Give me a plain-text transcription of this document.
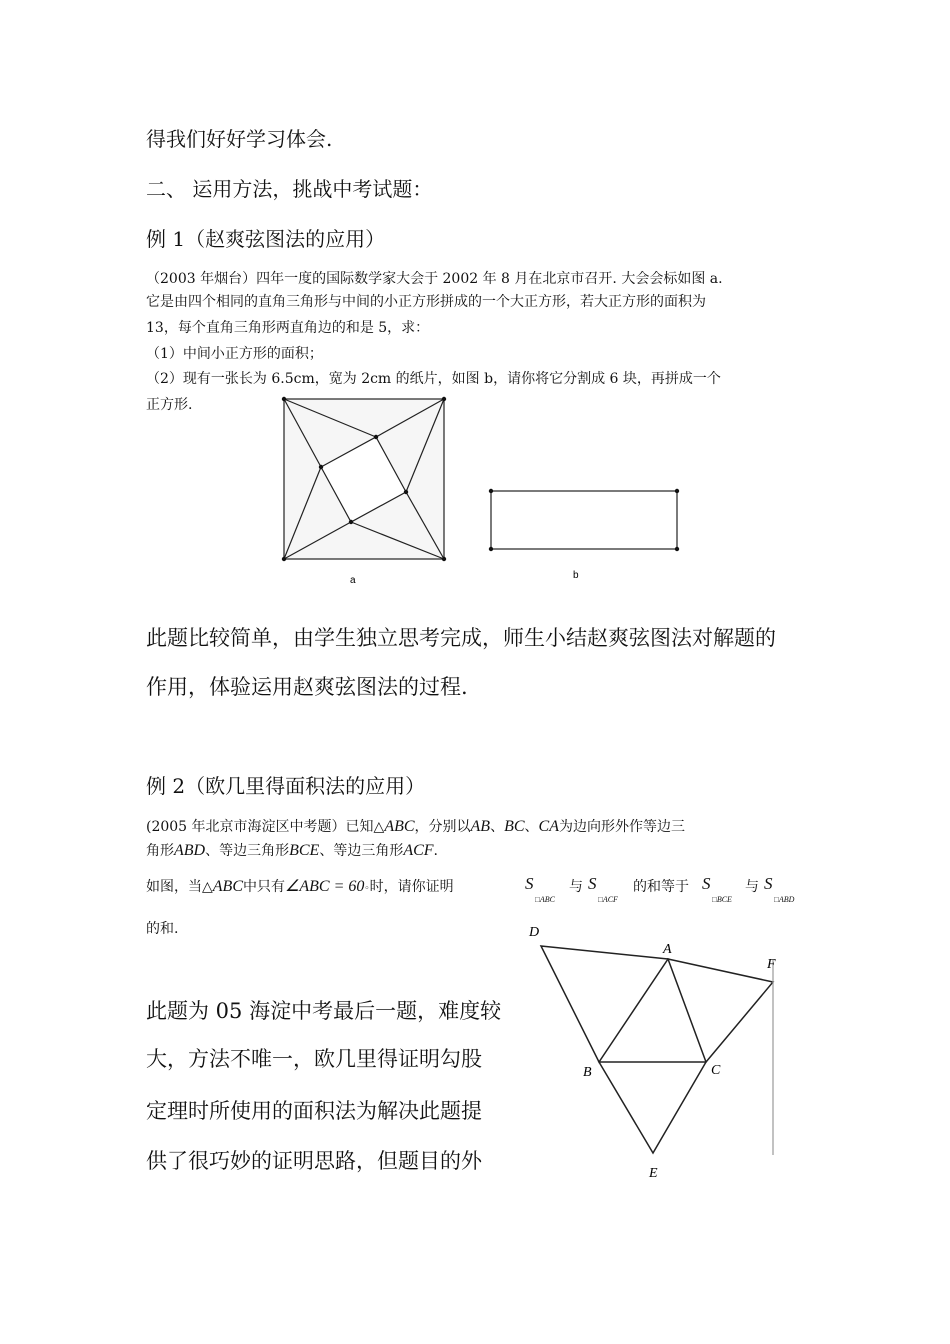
得我们好好学习体会.
二、 运用方法，挑战中考试题：
例 1（赵爽弦图法的应用）
（2003 年烟台）四年一度的国际数学家大会于 2002 年 8 月在北京市召开. 大会会标如图 a.
它是由四个相同的直角三角形与中间的小正方形拼成的一个大正方形，若大正方形的面积为
13，每个直角三角形两直角边的和是 5，求：
（1）中间小正方形的面积；
（2）现有一张长为 6.5cm，宽为 2cm 的纸片，如图 b，请你将它分割成 6 块，再拼成一个
正方形.
a	b
D
A
F
B	C
E
此题比较简单，由学生独立思考完成，师生小结赵爽弦图法对解题的
作用，体验运用赵爽弦图法的过程.
例 2（欧几里得面积法的应用）
(2005 年北京市海淀区中考题）已知△ABC，分别以AB、BC、CA为边向形外作等边三
角形ABD、等边三角形BCE、等边三角形ACF.
如图，当△ABC中只有∠ABC = 60◦时，请你证明	S
□ABC
与 S
□ACF
的和等于 S
□BCE
与 S
□ABD
的和.
此题为 05 海淀中考最后一题，难度较
大，方法不唯一，欧几里得证明勾股
定理时所使用的面积法为解决此题提
供了很巧妙的证明思路，但题目的外
